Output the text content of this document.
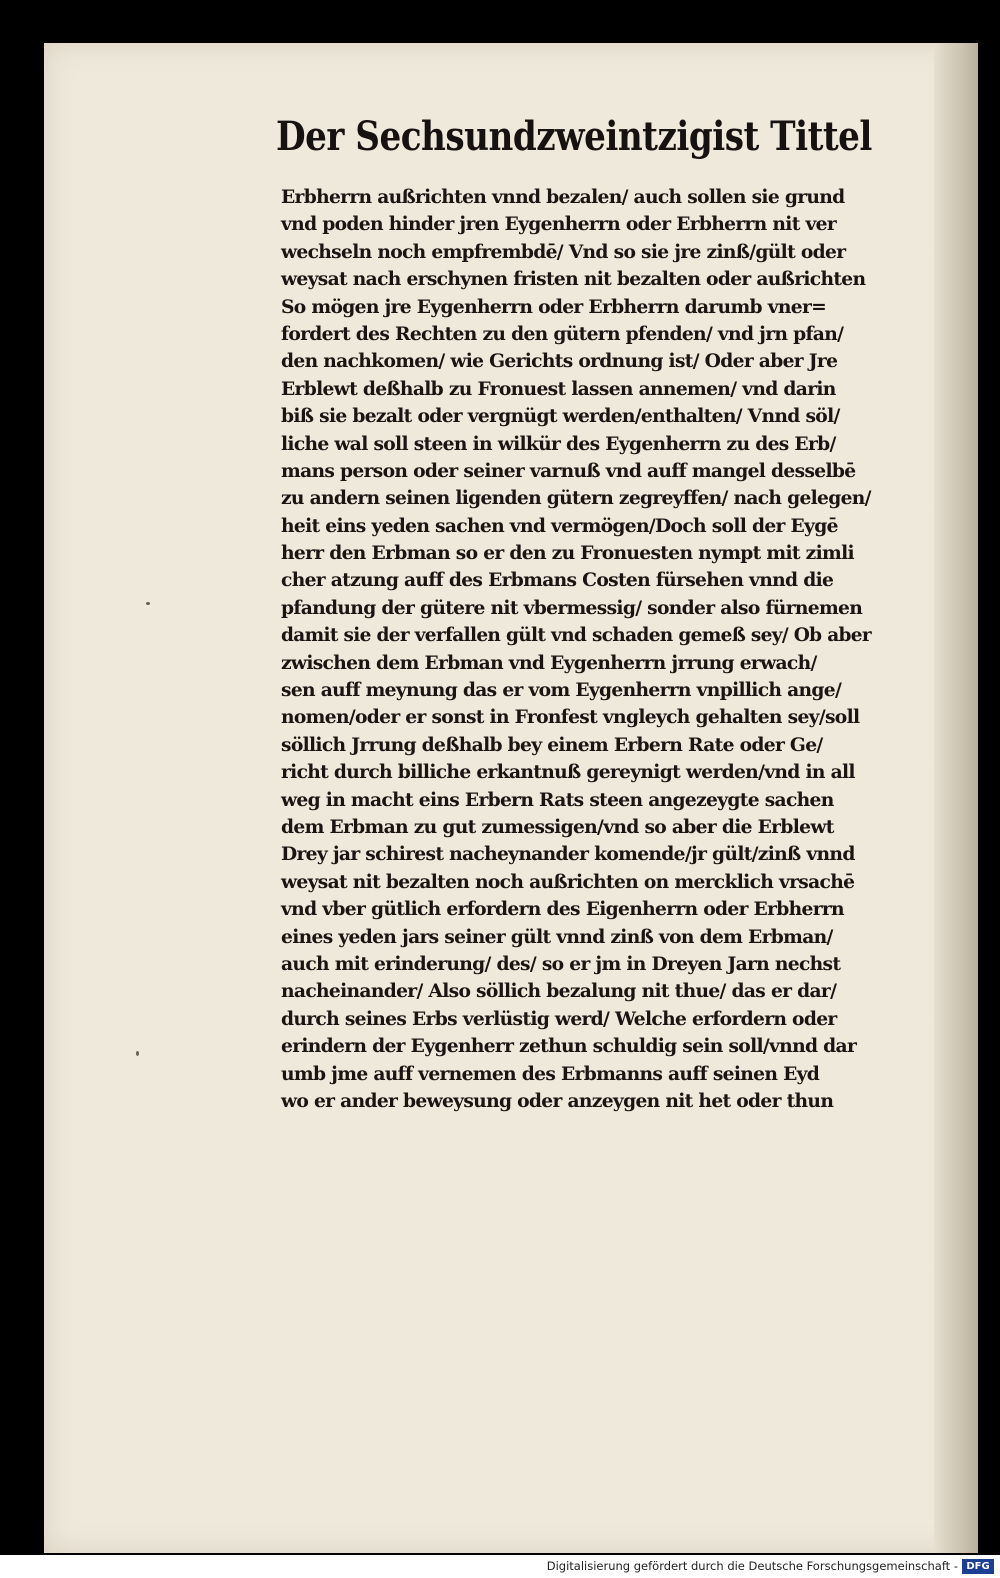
Der Sechsundzweintzigist Tittel
Erbherrn außrichten vnnd bezalen/ auch sollen sie grund
vnd poden hinder jren Eygenherrn oder Erbherrn nit ver
wechseln noch empfrembdē/ Vnd so sie jre zinß/gült oder
weysat nach erschynen fristen nit bezalten oder außrichten
So mögen jre Eygenherrn oder Erbherrn darumb vner=
fordert des Rechten zu den gütern pfenden/ vnd jrn pfan/
den nachkomen/ wie Gerichts ordnung ist/ Oder aber Jre
Erblewt deßhalb zu Fronuest lassen annemen/ vnd darin
biß sie bezalt oder vergnügt werden/enthalten/ Vnnd söl/
liche wal soll steen in wilkür des Eygenherrn zu des Erb/
mans person oder seiner varnuß vnd auff mangel desselbē
zu andern seinen ligenden gütern zegreyffen/ nach gelegen/
heit eins yeden sachen vnd vermögen/Doch soll der Eygē
herr den Erbman so er den zu Fronuesten nympt mit zimli
cher atzung auff des Erbmans Costen fürsehen vnnd die
pfandung der gütere nit vbermessig/ sonder also fürnemen
damit sie der verfallen gült vnd schaden gemeß sey/ Ob aber
zwischen dem Erbman vnd Eygenherrn jrrung erwach/
sen auff meynung das er vom Eygenherrn vnpillich ange/
nomen/oder er sonst in Fronfest vngleych gehalten sey/soll
söllich Jrrung deßhalb bey einem Erbern Rate oder Ge/
richt durch billiche erkantnuß gereynigt werden/vnd in all
weg in macht eins Erbern Rats steen angezeygte sachen
dem Erbman zu gut zumessigen/vnd so aber die Erblewt
Drey jar schirest nacheynander komende/jr gült/zinß vnnd
weysat nit bezalten noch außrichten on mercklich vrsachē
vnd vber gütlich erfordern des Eigenherrn oder Erbherrn
eines yeden jars seiner gült vnnd zinß von dem Erbman/
auch mit erinderung/ des/ so er jm in Dreyen Jarn nechst
nacheinander/ Also söllich bezalung nit thue/ das er dar/
durch seines Erbs verlüstig werd/ Welche erfordern oder
erindern der Eygenherr zethun schuldig sein soll/vnnd dar
umb jme auff vernemen des Erbmanns auff seinen Eyd
wo er ander beweysung oder anzeygen nit het oder thun
Digitalisierung gefördert durch die Deutsche Forschungsgemeinschaft - DFG
